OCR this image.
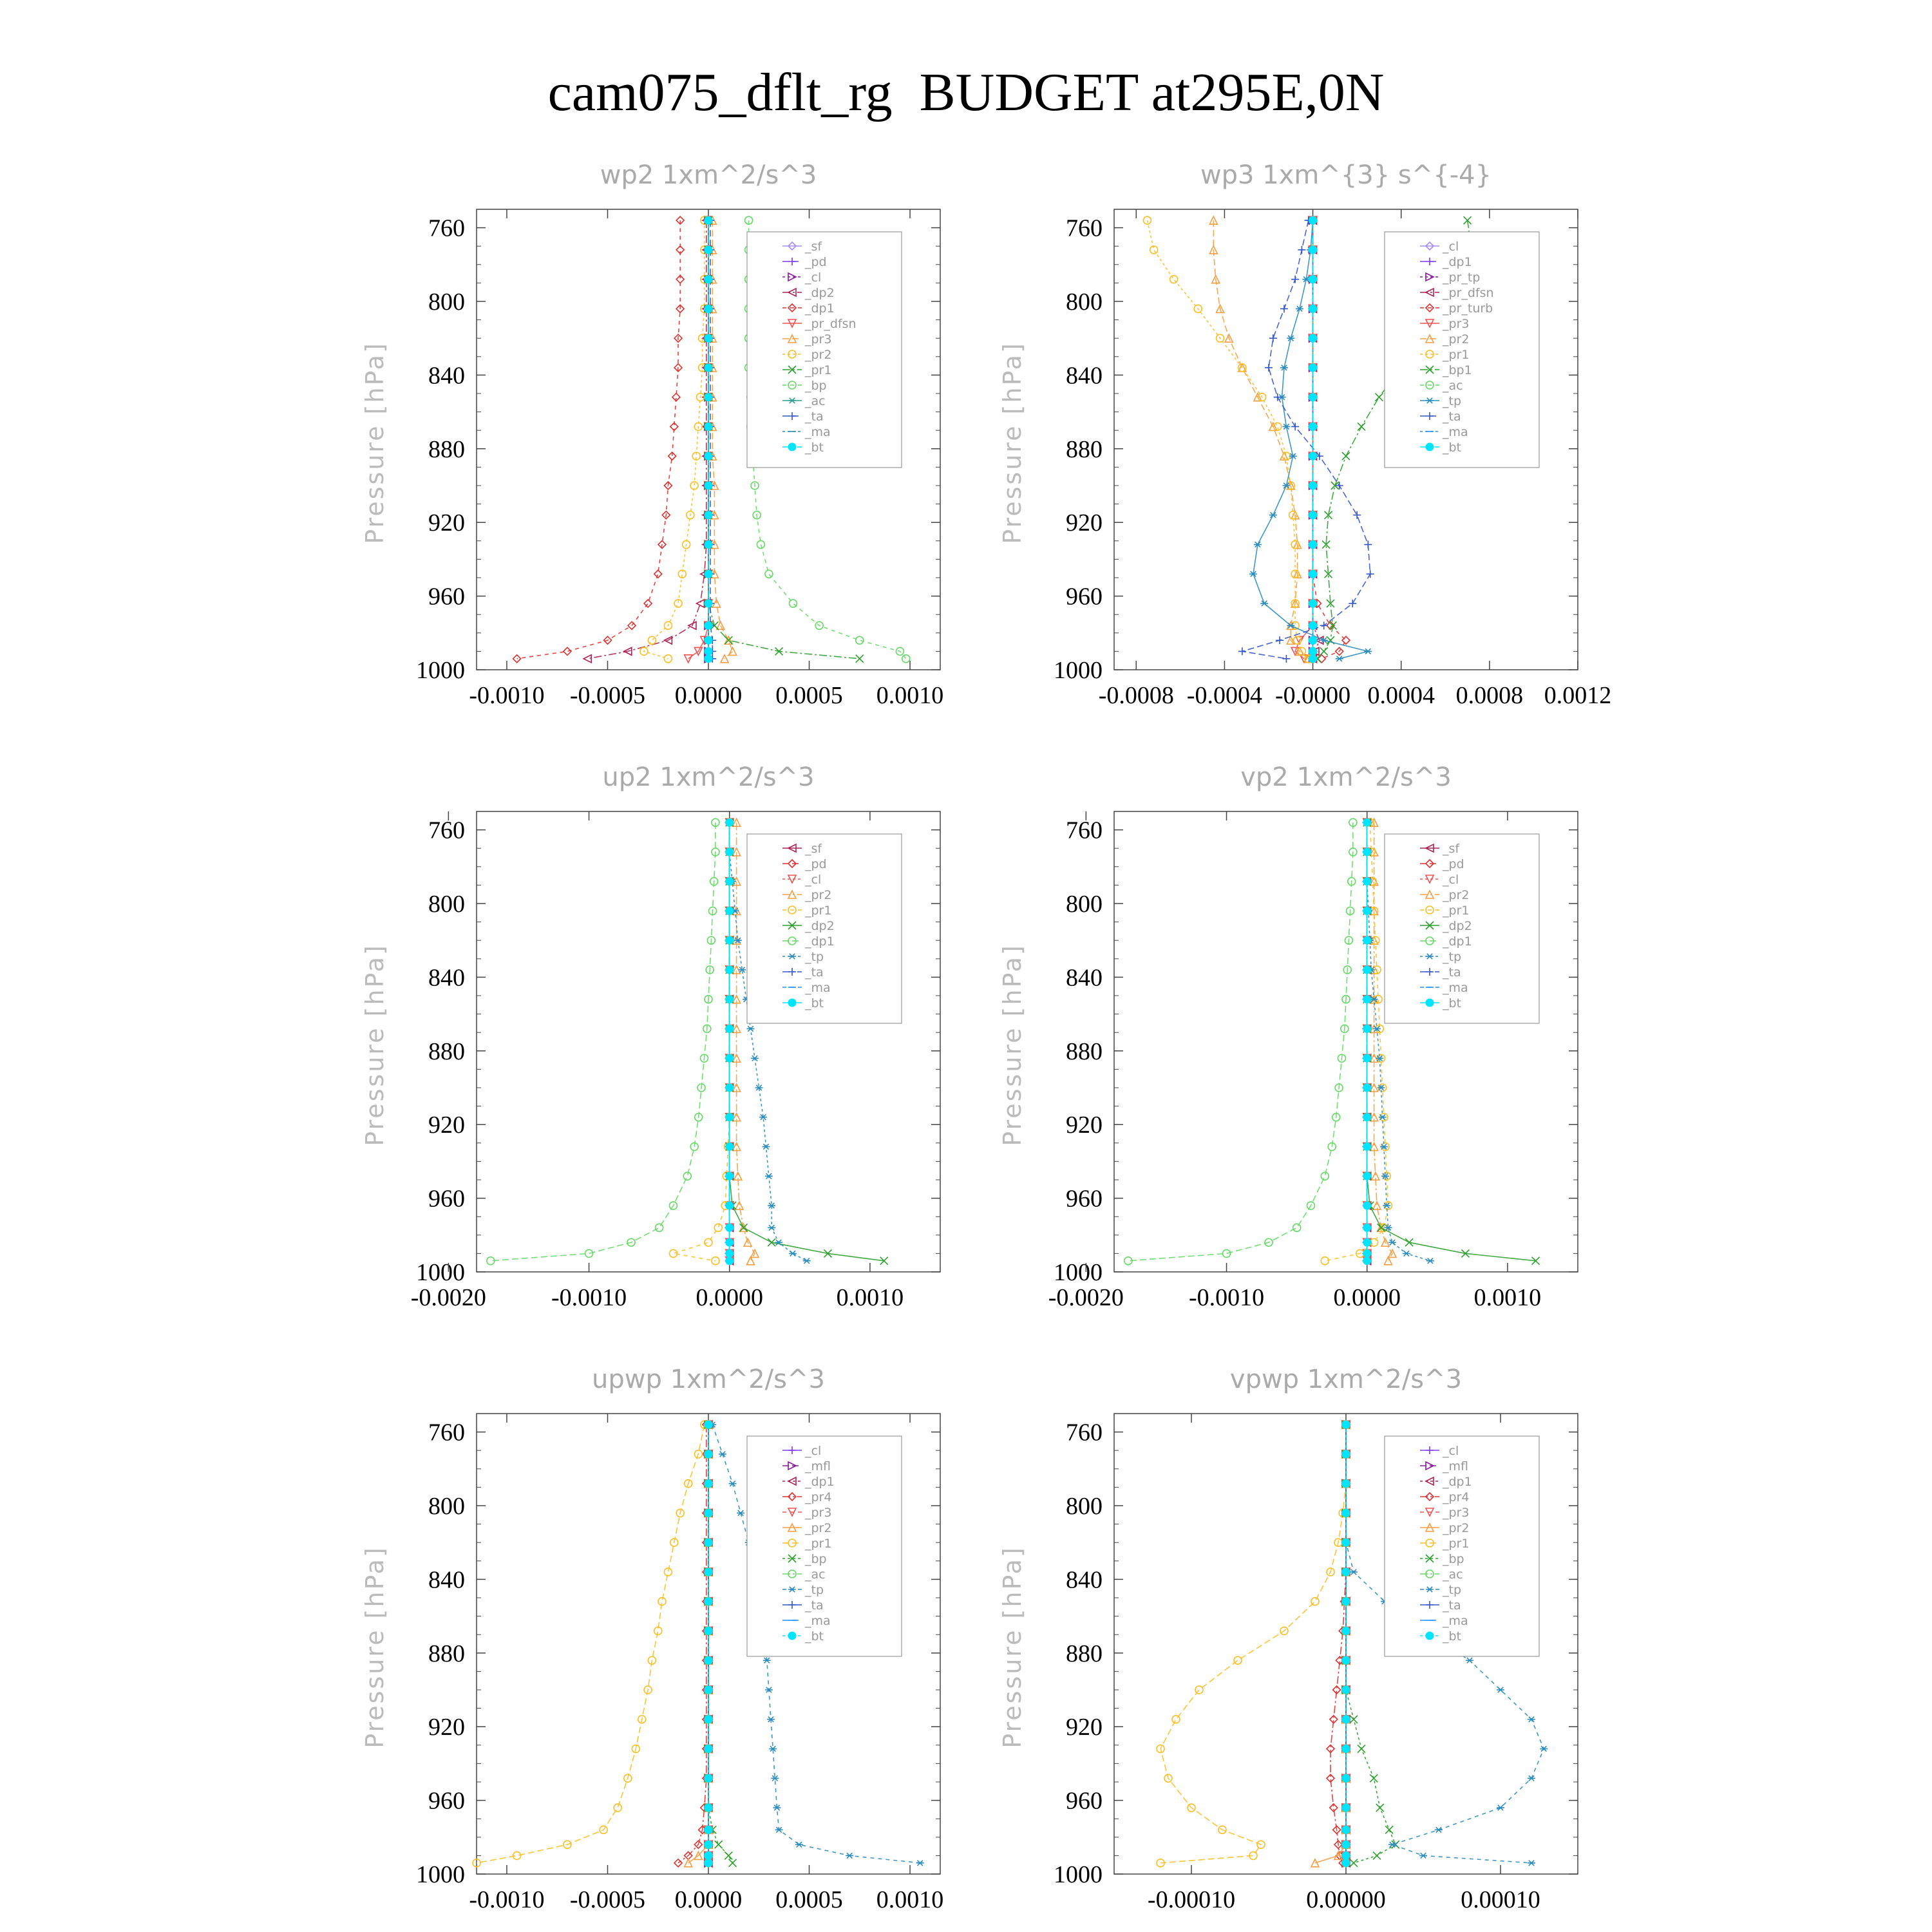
cam075_dflt_rg  BUDGET at295E,0N
wp2 1xm^2/s^3
Pressure [hPa]
760
800
840
880
920
960
1000
-0.0010 -0.0005 0.0000 0.0005 0.0010
_sf
_pd
_cl
_dp2
_dp1
_pr_dfsn
_pr3
_pr2
_pr1
_bp
_ac
_ta
_ma
_bt
wp3 1xm^{3} s^{-4}
Pressure [hPa]
760
800
840
880
920
960
1000
-0.0008 -0.0004 -0.0000 0.0004 0.0008 0.0012
_cl
_dp1
_pr_tp
_pr_dfsn
_pr_turb
_pr3
_pr2
_pr1
_bp1
_ac
_tp
_ta
_ma
_bt
up2 1xm^2/s^3
Pressure [hPa]
760
800
840
880
920
960
1000
-0.0020	-0.0010	0.0000	0.0010
_sf
_pd
_cl
_pr2
_pr1
_dp2
_dp1
_tp
_ta
_ma
_bt
vp2 1xm^2/s^3
Pressure [hPa]
760
800
840
880
920
960
1000
-0.0020	-0.0010	0.0000	0.0010
_sf
_pd
_cl
_pr2
_pr1
_dp2
_dp1
_tp
_ta
_ma
_bt
upwp 1xm^2/s^3
Pressure [hPa]
760
800
840
880
920
960
1000
-0.0010 -0.0005 0.0000 0.0005 0.0010
_cl
_mfl
_dp1
_pr4
_pr3
_pr2
_pr1
_bp
_ac
_tp
_ta
_ma
_bt
vpwp 1xm^2/s^3
Pressure [hPa]
760
800
840
880
920
960
1000
-0.00010	0.00000	0.00010
_cl
_mfl
_dp1
_pr4
_pr3
_pr2
_pr1
_bp
_ac
_tp
_ta
_ma
_bt
